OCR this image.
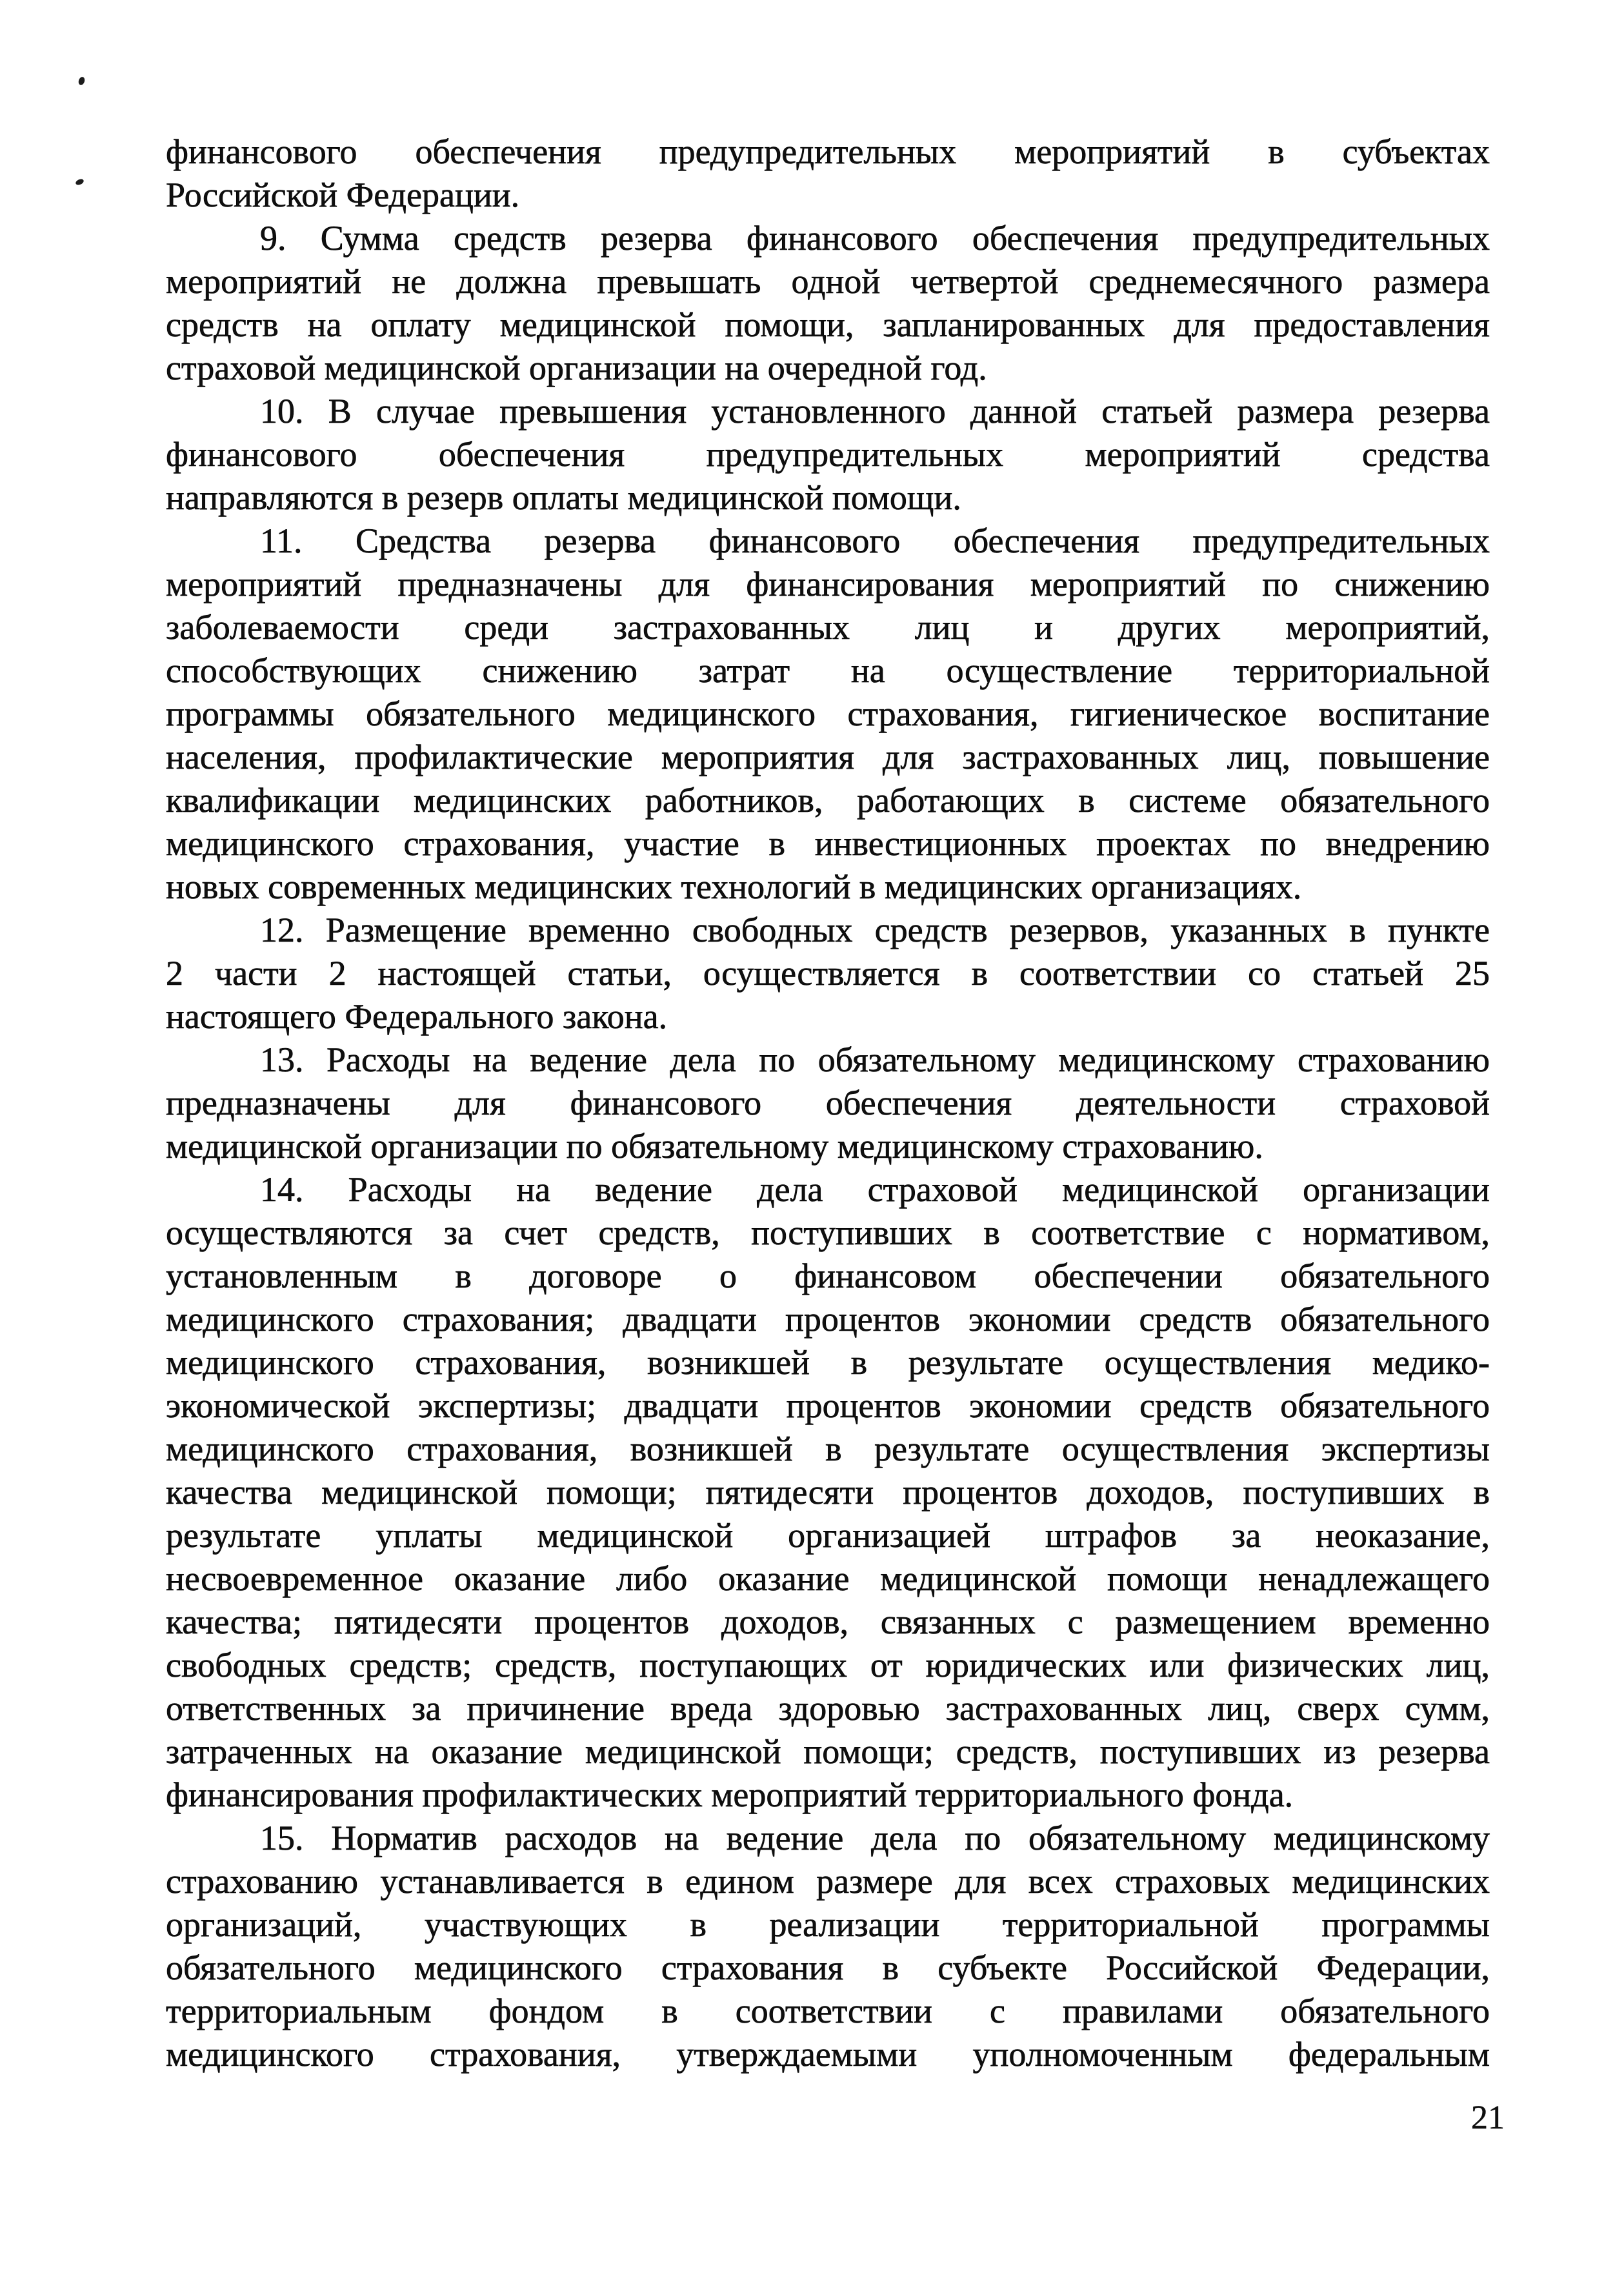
финансового обеспечения предупредительных мероприятий в субъектах
Российской Федерации.
9. Сумма средств резерва финансового обеспечения предупредительных
мероприятий не должна превышать одной четвертой среднемесячного размера
средств на оплату медицинской помощи, запланированных для предоставления
страховой медицинской организации на очередной год.
10. В случае превышения установленного данной статьей размера резерва
финансового обеспечения предупредительных мероприятий средства
направляются в резерв оплаты медицинской помощи.
11. Средства резерва финансового обеспечения предупредительных
мероприятий предназначены для финансирования мероприятий по снижению
заболеваемости среди застрахованных лиц и других мероприятий,
способствующих снижению затрат на осуществление территориальной
программы обязательного медицинского страхования, гигиеническое воспитание
населения, профилактические мероприятия для застрахованных лиц, повышение
квалификации медицинских работников, работающих в системе обязательного
медицинского страхования, участие в инвестиционных проектах по внедрению
новых современных медицинских технологий в медицинских организациях.
12. Размещение временно свободных средств резервов, указанных в пункте
2 части 2 настоящей статьи, осуществляется в соответствии со статьей 25
настоящего Федерального закона.
13. Расходы на ведение дела по обязательному медицинскому страхованию
предназначены для финансового обеспечения деятельности страховой
медицинской организации по обязательному медицинскому страхованию.
14. Расходы на ведение дела страховой медицинской организации
осуществляются за счет средств, поступивших в соответствие с нормативом,
установленным в договоре о финансовом обеспечении обязательного
медицинского страхования; двадцати процентов экономии средств обязательного
медицинского страхования, возникшей в результате осуществления медико-
экономической экспертизы; двадцати процентов экономии средств обязательного
медицинского страхования, возникшей в результате осуществления экспертизы
качества медицинской помощи; пятидесяти процентов доходов, поступивших в
результате уплаты медицинской организацией штрафов за неоказание,
несвоевременное оказание либо оказание медицинской помощи ненадлежащего
качества; пятидесяти процентов доходов, связанных с размещением временно
свободных средств; средств, поступающих от юридических или физических лиц,
ответственных за причинение вреда здоровью застрахованных лиц, сверх сумм,
затраченных на оказание медицинской помощи; средств, поступивших из резерва
финансирования профилактических мероприятий территориального фонда.
15. Норматив расходов на ведение дела по обязательному медицинскому
страхованию устанавливается в едином размере для всех страховых медицинских
организаций, участвующих в реализации территориальной программы
обязательного медицинского страхования в субъекте Российской Федерации,
территориальным фондом в соответствии с правилами обязательного
медицинского страхования, утверждаемыми уполномоченным федеральным
21
